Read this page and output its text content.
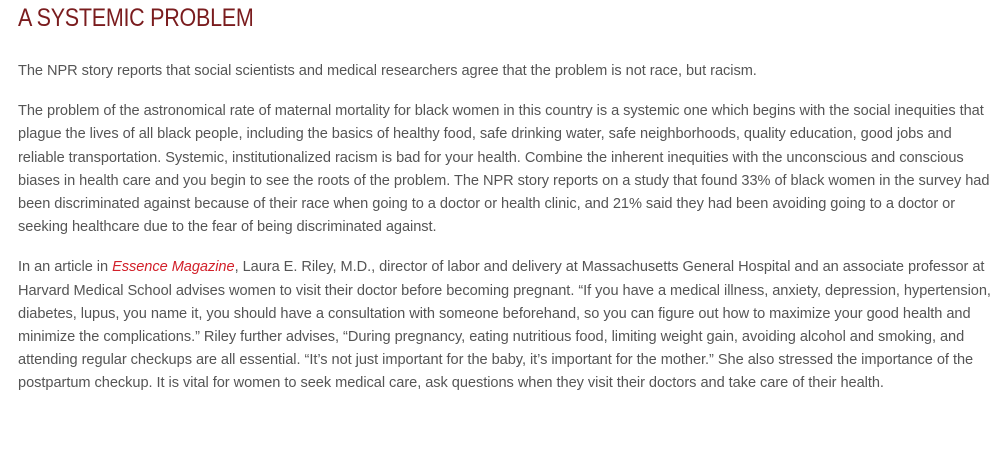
A SYSTEMIC PROBLEM

The NPR story reports that social scientists and medical researchers agree that the problem is not race, but racism.

The problem of the astronomical rate of maternal mortality for black women in this country is a systemic one which begins with the social inequities that plague the lives of all black people, including the basics of healthy food, safe drinking water, safe neighborhoods, quality education, good jobs and reliable transportation. Systemic, institutionalized racism is bad for your health. Combine the inherent inequities with the unconscious and conscious biases in health care and you begin to see the roots of the problem. The NPR story reports on a study that found 33% of black women in the survey had been discriminated against because of their race when going to a doctor or health clinic, and 21% said they had been avoiding going to a doctor or seeking healthcare due to the fear of being discriminated against.

In an article in Essence Magazine, Laura E. Riley, M.D., director of labor and delivery at Massachusetts General Hospital and an associate professor at Harvard Medical School advises women to visit their doctor before becoming pregnant. “If you have a medical illness, anxiety, depression, hypertension, diabetes, lupus, you name it, you should have a consultation with someone beforehand, so you can figure out how to maximize your good health and minimize the complications.” Riley further advises, “During pregnancy, eating nutritious food, limiting weight gain, avoiding alcohol and smoking, and attending regular checkups are all essential. “It’s not just important for the baby, it’s important for the mother.” She also stressed the importance of the postpartum checkup. It is vital for women to seek medical care, ask questions when they visit their doctors and take care of their health.
